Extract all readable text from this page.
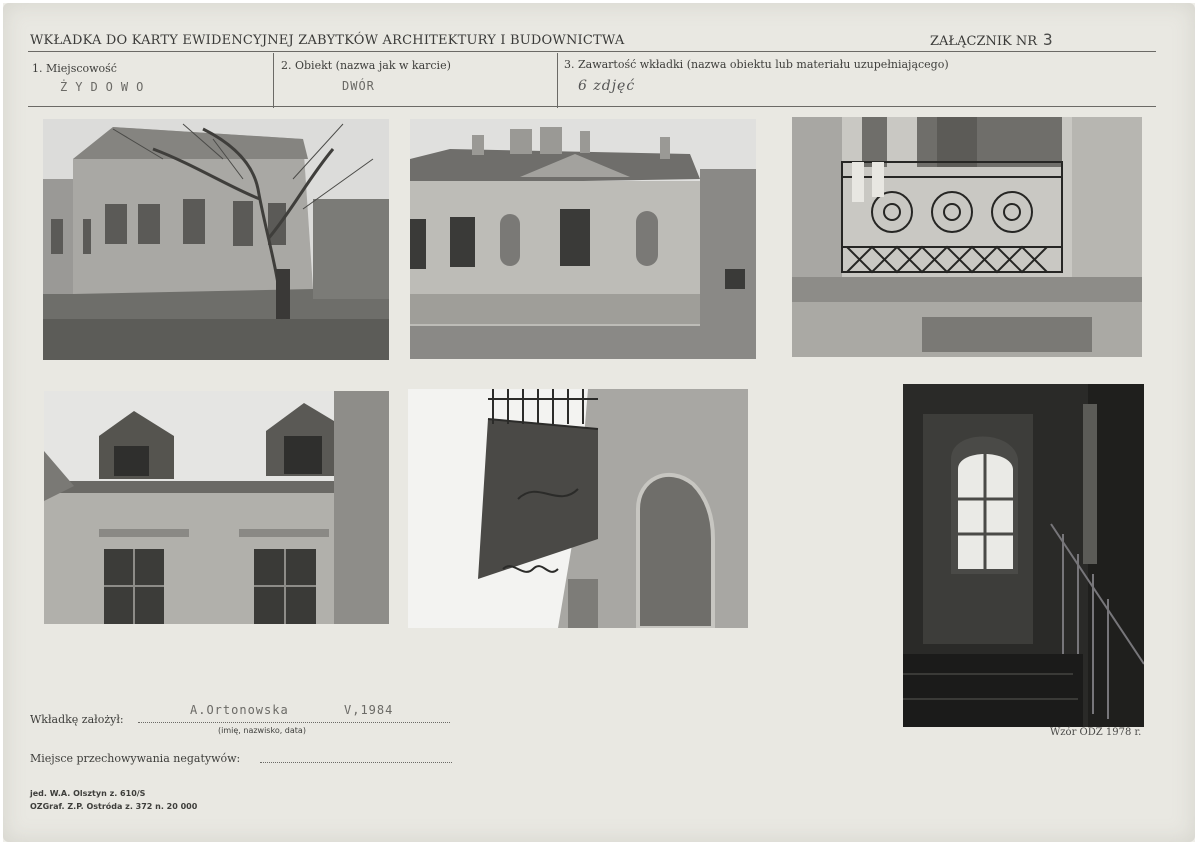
WKŁADKA DO KARTY EWIDENCYJNEJ ZABYTKÓW ARCHITEKTURY I BUDOWNICTWA	ZAŁĄCZNIK NR 3
1. Miejscowość
ŻYDOWO
2. Obiekt (nazwa jak w karcie)
DWÓR
3. Zawartość wkładki (nazwa obiektu lub materiału uzupełniającego)
6 zdjęć
Wkładkę założył:
A.Ortonowska	V,1984
(imię, nazwisko, data)
Miejsce przechowywania negatywów:
jed. W.A. Olsztyn z. 610/S
OZGraf. Z.P. Ostróda z. 372 n. 20 000
Wzór ODZ 1978 r.
